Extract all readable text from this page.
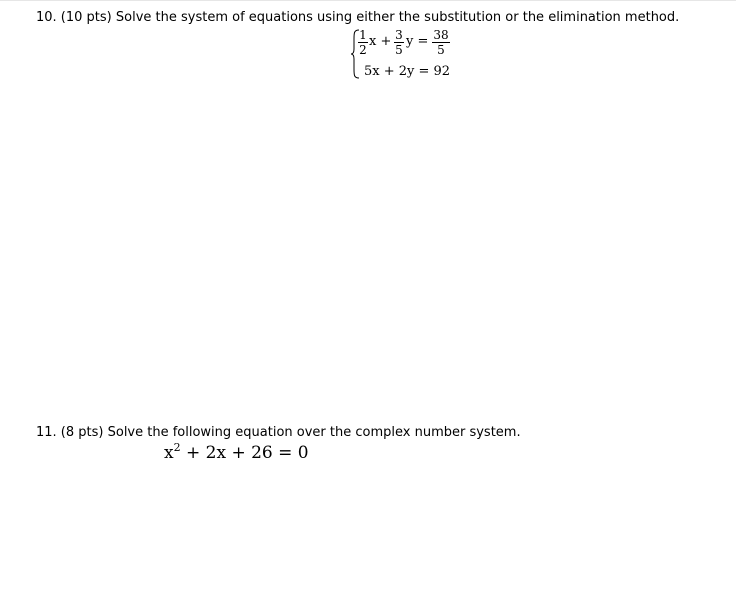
10. (10 pts) Solve the system of equations using either the substitution or the elimination method.
1
2
x + 3
5
y = 38
5
5x + 2y = 92
11. (8 pts) Solve the following equation over the complex number system.
$x^2 + 2x + 26 = 0$
